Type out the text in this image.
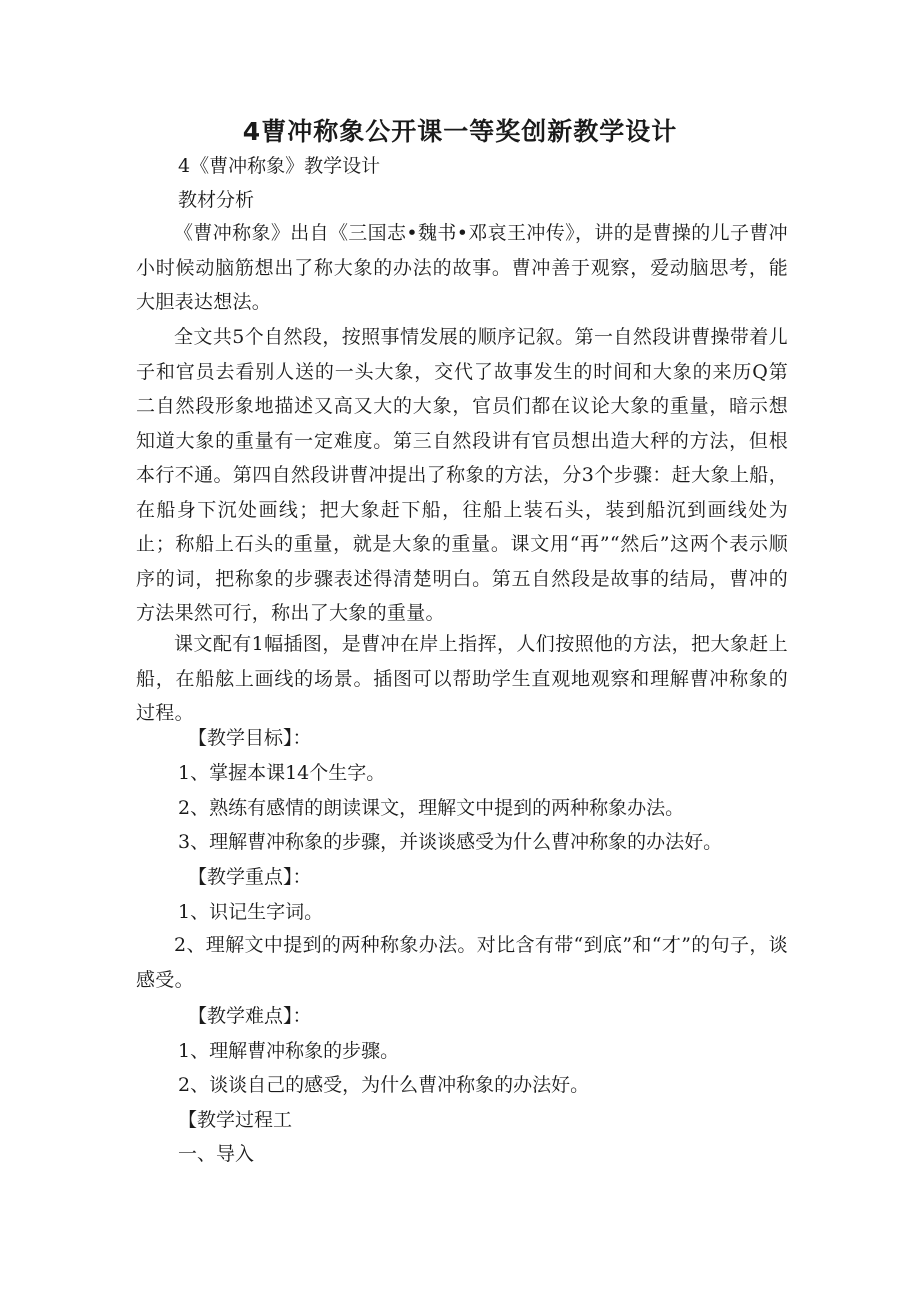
4曹冲称象公开课一等奖创新教学设计

4《曹冲称象》教学设计

教材分析

《曹冲称象》出自《三国志•魏书•邓哀王冲传》，讲的是曹操的儿子曹冲小时候动脑筋想出了称大象的办法的故事。曹冲善于观察，爱动脑思考，能大胆表达想法。

全文共5个自然段，按照事情发展的顺序记叙。第一自然段讲曹操带着儿子和官员去看别人送的一头大象，交代了故事发生的时间和大象的来历Q第二自然段形象地描述又高又大的大象，官员们都在议论大象的重量，暗示想知道大象的重量有一定难度。第三自然段讲有官员想出造大秤的方法，但根本行不通。第四自然段讲曹冲提出了称象的方法，分3个步骤：赶大象上船，在船身下沉处画线；把大象赶下船，往船上装石头，装到船沉到画线处为止；称船上石头的重量，就是大象的重量。课文用“再”“然后”这两个表示顺序的词，把称象的步骤表述得清楚明白。第五自然段是故事的结局，曹冲的方法果然可行，称出了大象的重量。

课文配有1幅插图，是曹冲在岸上指挥，人们按照他的方法，把大象赶上船，在船舷上画线的场景。插图可以帮助学生直观地观察和理解曹冲称象的过程。

【教学目标】：

1、掌握本课14个生字。

2、熟练有感情的朗读课文，理解文中提到的两种称象办法。

3、理解曹冲称象的步骤，并谈谈感受为什么曹冲称象的办法好。

【教学重点】：

1、识记生字词。

2、理解文中提到的两种称象办法。对比含有带“到底”和“才”的句子，谈感受。

【教学难点】：

1、理解曹冲称象的步骤。

2、谈谈自己的感受，为什么曹冲称象的办法好。

【教学过程工

一、导入
